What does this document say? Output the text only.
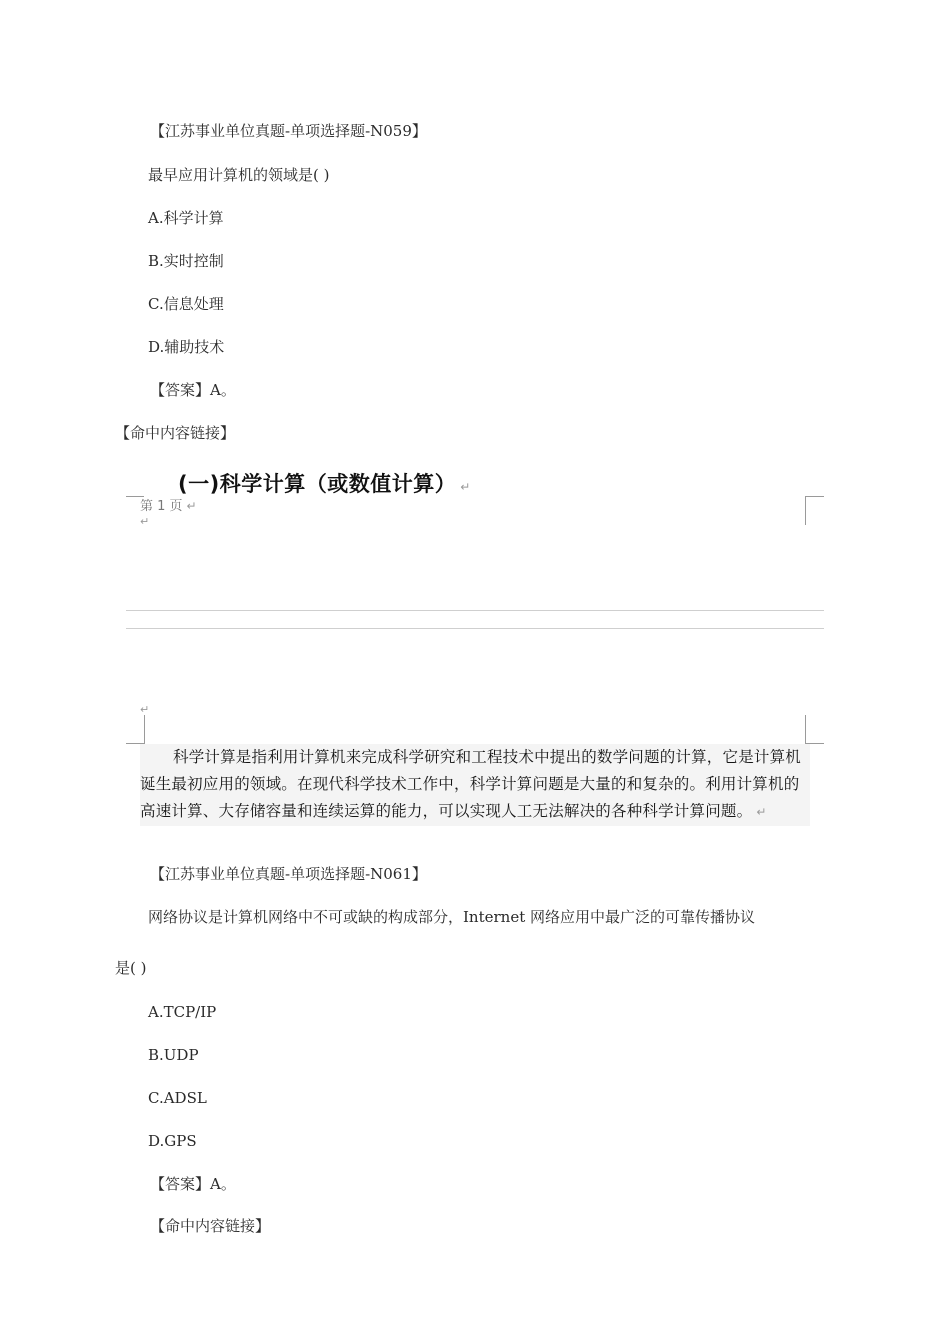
【江苏事业单位真题-单项选择题-N059】
最早应用计算机的领域是( )
A.科学计算
B.实时控制
C.信息处理
D.辅助技术
【答案】A。
【命中内容链接】
(一)科学计算（或数值计算） ↵
第 1 页 ↵
↵
↵
科学计算是指利用计算机来完成科学研究和工程技术中提出的数学问题的计算，它是计算机诞生最初应用的领域。在现代科学技术工作中，科学计算问题是大量的和复杂的。利用计算机的高速计算、大存储容量和连续运算的能力，可以实现人工无法解决的各种科学计算问题。 ↵
【江苏事业单位真题-单项选择题-N061】
网络协议是计算机网络中不可或缺的构成部分，Internet 网络应用中最广泛的可靠传播协议
是( )
A.TCP/IP
B.UDP
C.ADSL
D.GPS
【答案】A。
【命中内容链接】
